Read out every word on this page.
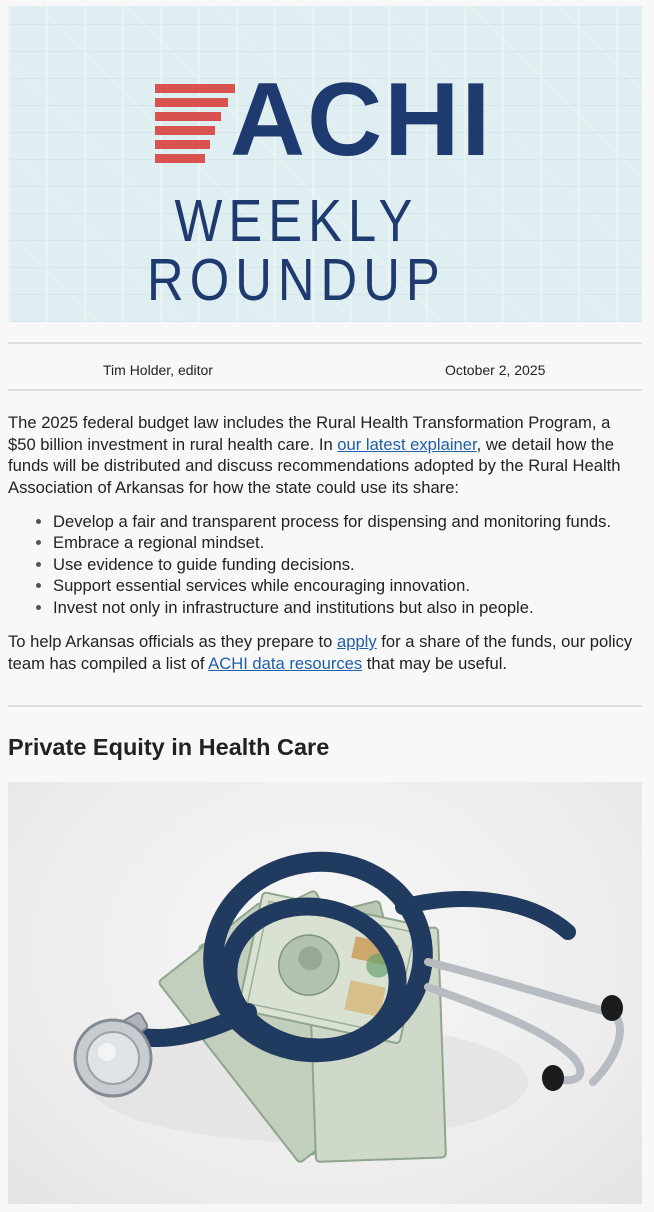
ACHI
WEEKLY ROUNDUP
Tim Holder, editor	October 2, 2025
The 2025 federal budget law includes the Rural Health Transformation Program, a $50 billion investment in rural health care. In our latest explainer, we detail how the funds will be distributed and discuss recommendations adopted by the Rural Health Association of Arkansas for how the state could use its share:
Develop a fair and transparent process for dispensing and monitoring funds.
Embrace a regional mindset.
Use evidence to guide funding decisions.
Support essential services while encouraging innovation.
Invest not only in infrastructure and institutions but also in people.
To help Arkansas officials as they prepare to apply for a share of the funds, our policy team has compiled a list of ACHI data resources that may be useful.
Private Equity in Health Care
